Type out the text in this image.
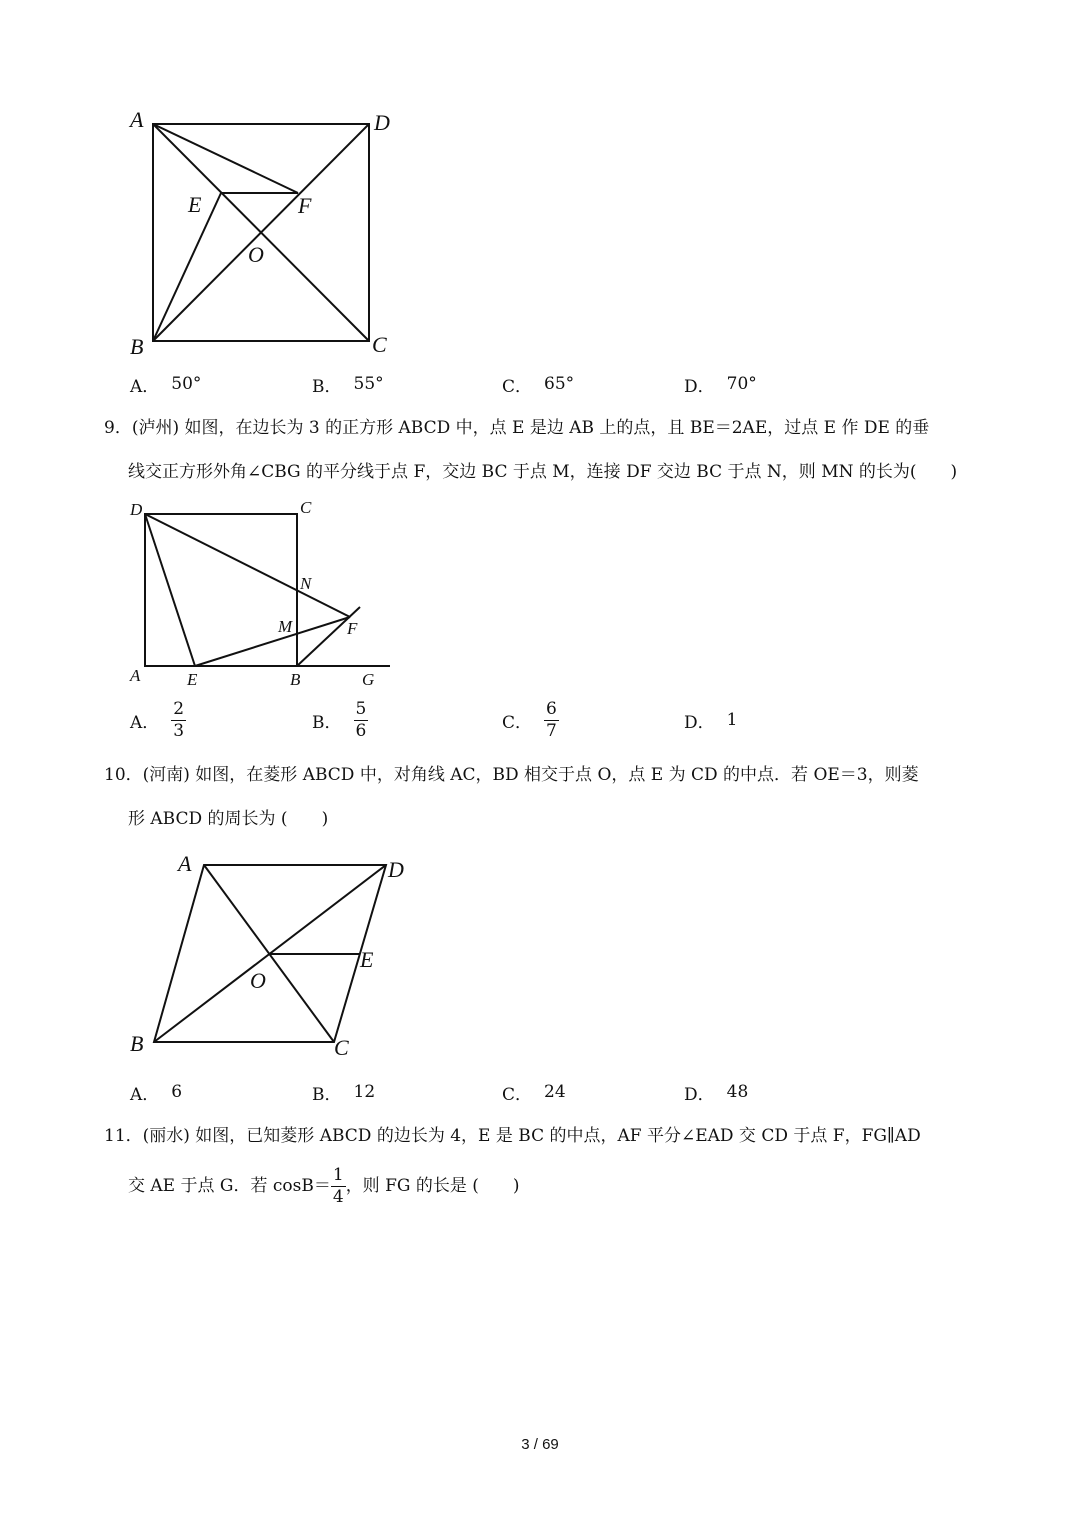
A	D
E	F
O
B	C
A． 50°	B． 55°	C． 65°	D． 70°
9．(泸州) 如图，在边长为 3 的正方形 ABCD 中，点 E 是边 AB 上的点，且 BE＝2AE，过点 E 作 DE 的垂
线交正方形外角∠CBG 的平分线于点 F，交边 BC 于点 M，连接 DF 交边 BC 于点 N，则 MN 的长为(　　)
D	C
N
M	F
A	E	B	G
A． $\frac{2}{3}$	B． $\frac{5}{6}$	C． $\frac{6}{7}$	D． 1
10．(河南) 如图，在菱形 ABCD 中，对角线 AC，BD 相交于点 O，点 E 为 CD 的中点．若 OE＝3，则菱
形 ABCD 的周长为 (　　)
A	D
E
O
B	C
A． 6	B． 12	C． 24	D． 48
11．(丽水) 如图，已知菱形 ABCD 的边长为 4，E 是 BC 的中点，AF 平分∠EAD 交 CD 于点 F，FG∥AD
交 AE 于点 G．若 $\cos B= \frac{1}{4}$ ，则 FG 的长是 (　　)
3 / 69
